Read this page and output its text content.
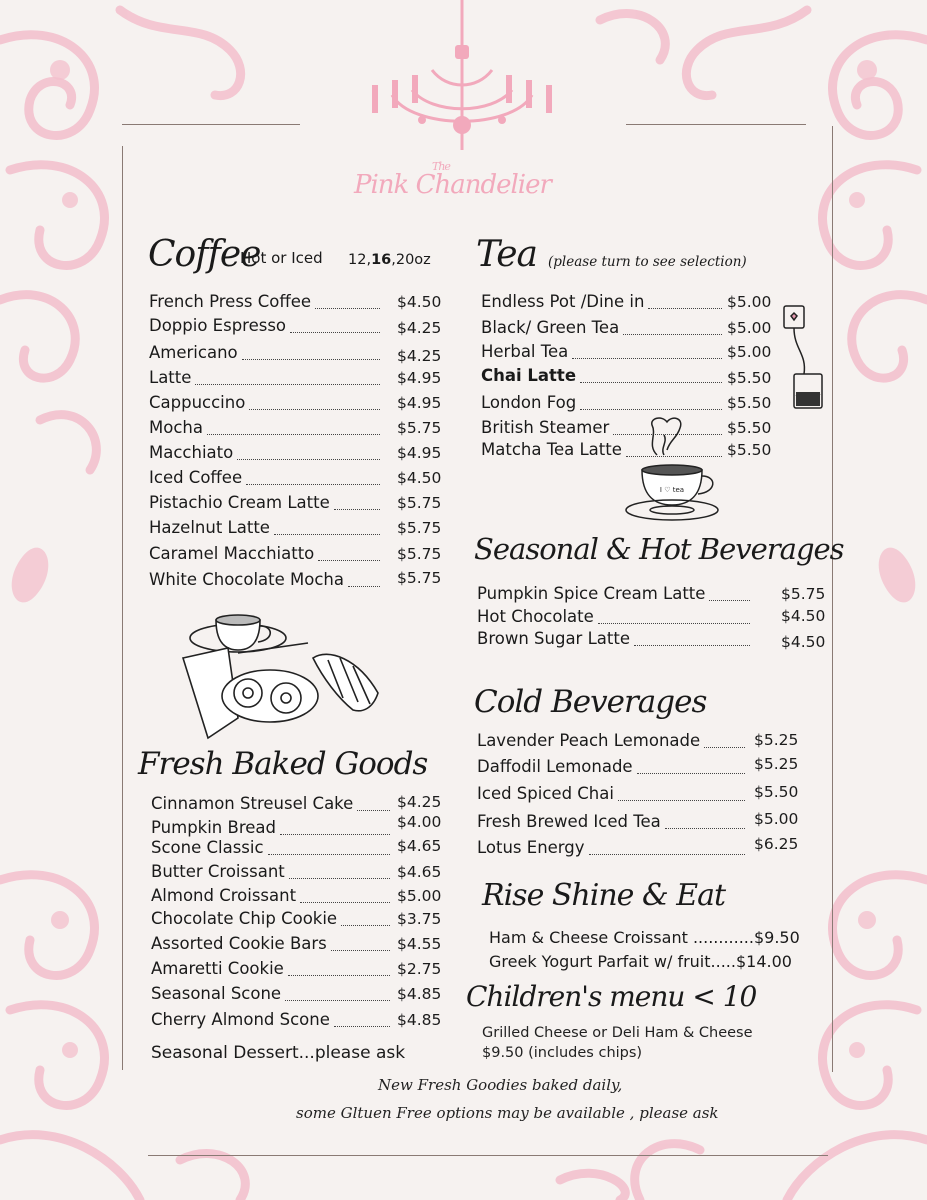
The
Pink Chandelier
Coffee
Hot or Iced 12,16,20oz
French Press Coffee	$4.50
Doppio Espresso	$4.25
Americano	$4.25
Latte	$4.95
Cappuccino	$4.95
Mocha	$5.75
Macchiato	$4.95
Iced Coffee	$4.50
Pistachio Cream Latte	$5.75
Hazelnut Latte	$5.75
Caramel Macchiatto	$5.75
White Chocolate Mocha	$5.75
Tea (please turn to see selection)
Endless Pot /Dine in	$5.00
Black/ Green Tea	$5.00
Herbal Tea	$5.00
Chai Latte	$5.50
London Fog	$5.50
British Steamer	$5.50
Matcha Tea Latte	$5.50
I ♡ tea
Seasonal & Hot Beverages
Pumpkin Spice Cream Latte	$5.75
Hot Chocolate	$4.50
Brown Sugar Latte	$4.50
Cold Beverages
Lavender Peach Lemonade	$5.25
Daffodil Lemonade	$5.25
Iced Spiced Chai	$5.50
Fresh Brewed Iced Tea	$5.00
Lotus Energy	$6.25
Rise Shine & Eat
Ham & Cheese Croissant ............$9.50
Greek Yogurt Parfait w/ fruit.....$14.00
Children's menu < 10
Grilled Cheese or Deli Ham & Cheese
$9.50 (includes chips)
Fresh Baked Goods
Cinnamon Streusel Cake	$4.25
Pumpkin Bread	$4.00
Scone Classic	$4.65
Butter Croissant	$4.65
Almond Croissant	$5.00
Chocolate Chip Cookie	$3.75
Assorted Cookie Bars	$4.55
Amaretti Cookie	$2.75
Seasonal Scone	$4.85
Cherry Almond Scone	$4.85
Seasonal Dessert...please ask
New Fresh Goodies baked daily,
some Gltuen Free options may be available , please ask
